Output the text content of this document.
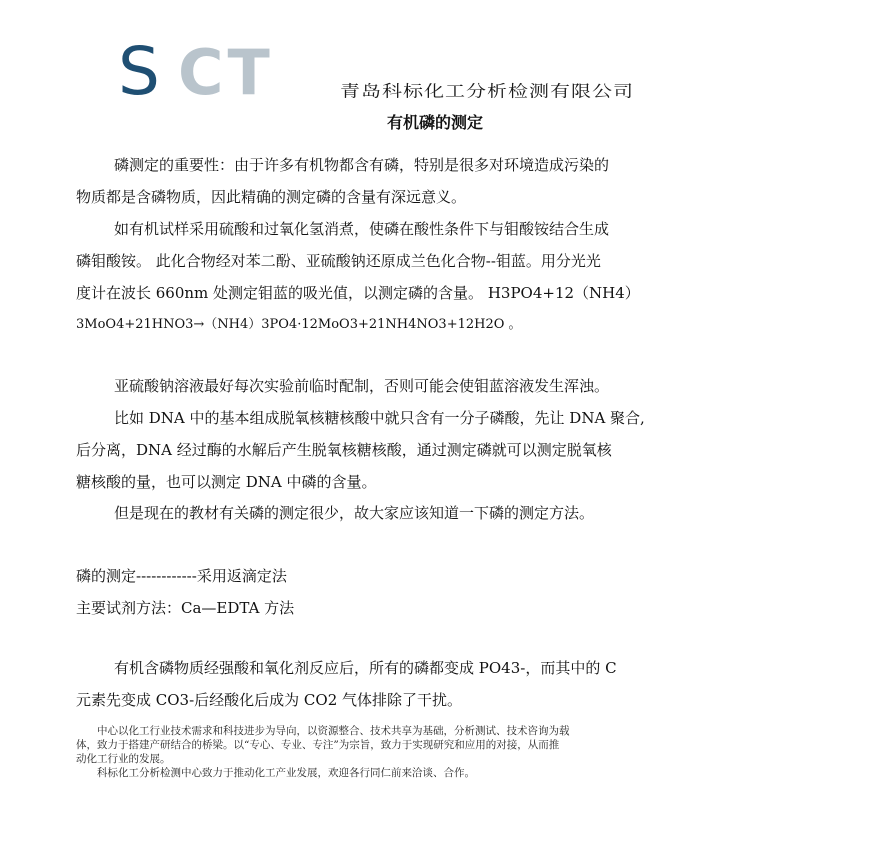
S CT	青岛科标化工分析检测有限公司
有机磷的测定
磷测定的重要性：由于许多有机物都含有磷，特别是很多对环境造成污染的
物质都是含磷物质，因此精确的测定磷的含量有深远意义。
如有机试样采用硫酸和过氧化氢消煮，使磷在酸性条件下与钼酸铵结合生成
磷钼酸铵。 此化合物经对苯二酚、亚硫酸钠还原成兰色化合物--钼蓝。用分光光
度计在波长 660nm 处测定钼蓝的吸光值，以测定磷的含量。 H3PO4+12（NH4）
3MoO4+21HNO3→（NH4）3PO4·12MoO3+21NH4NO3+12H2O 。
亚硫酸钠溶液最好每次实验前临时配制，否则可能会使钼蓝溶液发生浑浊。
比如 DNA 中的基本组成脱氧核糖核酸中就只含有一分子磷酸，先让 DNA 聚合,
后分离，DNA 经过酶的水解后产生脱氧核糖核酸，通过测定磷就可以测定脱氧核
糖核酸的量，也可以测定 DNA 中磷的含量。
但是现在的教材有关磷的测定很少，故大家应该知道一下磷的测定方法。
磷的测定------------采用返滴定法
主要试剂方法：Ca—EDTA 方法
有机含磷物质经强酸和氧化剂反应后，所有的磷都变成 PO43-，而其中的 C
元素先变成 CO3-后经酸化后成为 CO2 气体排除了干扰。
　　中心以化工行业技术需求和科技进步为导向，以资源整合、技术共享为基础，分析测试、技术咨询为载
体，致力于搭建产研结合的桥梁。以“专心、专业、专注”为宗旨，致力于实现研究和应用的对接，从而推
动化工行业的发展。
　　科标化工分析检测中心致力于推动化工产业发展，欢迎各行同仁前来洽谈、合作。
